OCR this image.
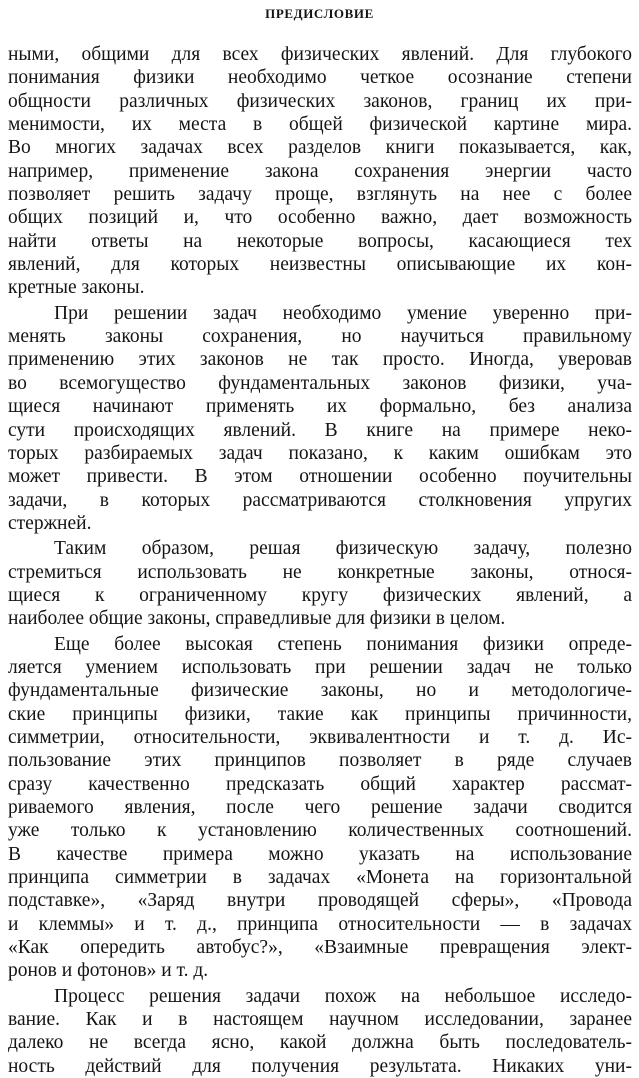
ПРЕДИСЛОВИЕ
ными, общими для всех физических явлений. Для глубокого
понимания физики необходимо четкое осознание степени
общности различных физических законов, границ их при-
менимости, их места в общей физической картине мира.
Во многих задачах всех разделов книги показывается, как,
например, применение закона сохранения энергии часто
позволяет решить задачу проще, взглянуть на нее с более
общих позиций и, что особенно важно, дает возможность
найти ответы на некоторые вопросы, касающиеся тех
явлений, для которых неизвестны описывающие их кон-
кретные законы.
При решении задач необходимо умение уверенно при-
менять законы сохранения, но научиться правильному
применению этих законов не так просто. Иногда, уверовав
во всемогущество фундаментальных законов физики, уча-
щиеся начинают применять их формально, без анализа
сути происходящих явлений. В книге на примере неко-
торых разбираемых задач показано, к каким ошибкам это
может привести. В этом отношении особенно поучительны
задачи, в которых рассматриваются столкновения упругих
стержней.
Таким образом, решая физическую задачу, полезно
стремиться использовать не конкретные законы, относя-
щиеся к ограниченному кругу физических явлений, а
наиболее общие законы, справедливые для физики в целом.
Еще более высокая степень понимания физики опреде-
ляется умением использовать при решении задач не только
фундаментальные физические законы, но и методологиче-
ские принципы физики, такие как принципы причинности,
симметрии, относительности, эквивалентности и т. д. Ис-
пользование этих принципов позволяет в ряде случаев
сразу качественно предсказать общий характер рассмат-
риваемого явления, после чего решение задачи сводится
уже только к установлению количественных соотношений.
В качестве примера можно указать на использование
принципа симметрии в задачах «Монета на горизонтальной
подставке», «Заряд внутри проводящей сферы», «Провода
и клеммы» и т. д., принципа относительности — в задачах
«Как опередить автобус?», «Взаимные превращения элект-
ронов и фотонов» и т. д.
Процесс решения задачи похож на небольшое исследо-
вание. Как и в настоящем научном исследовании, заранее
далеко не всегда ясно, какой должна быть последователь-
ность действий для получения результата. Никаких уни-
